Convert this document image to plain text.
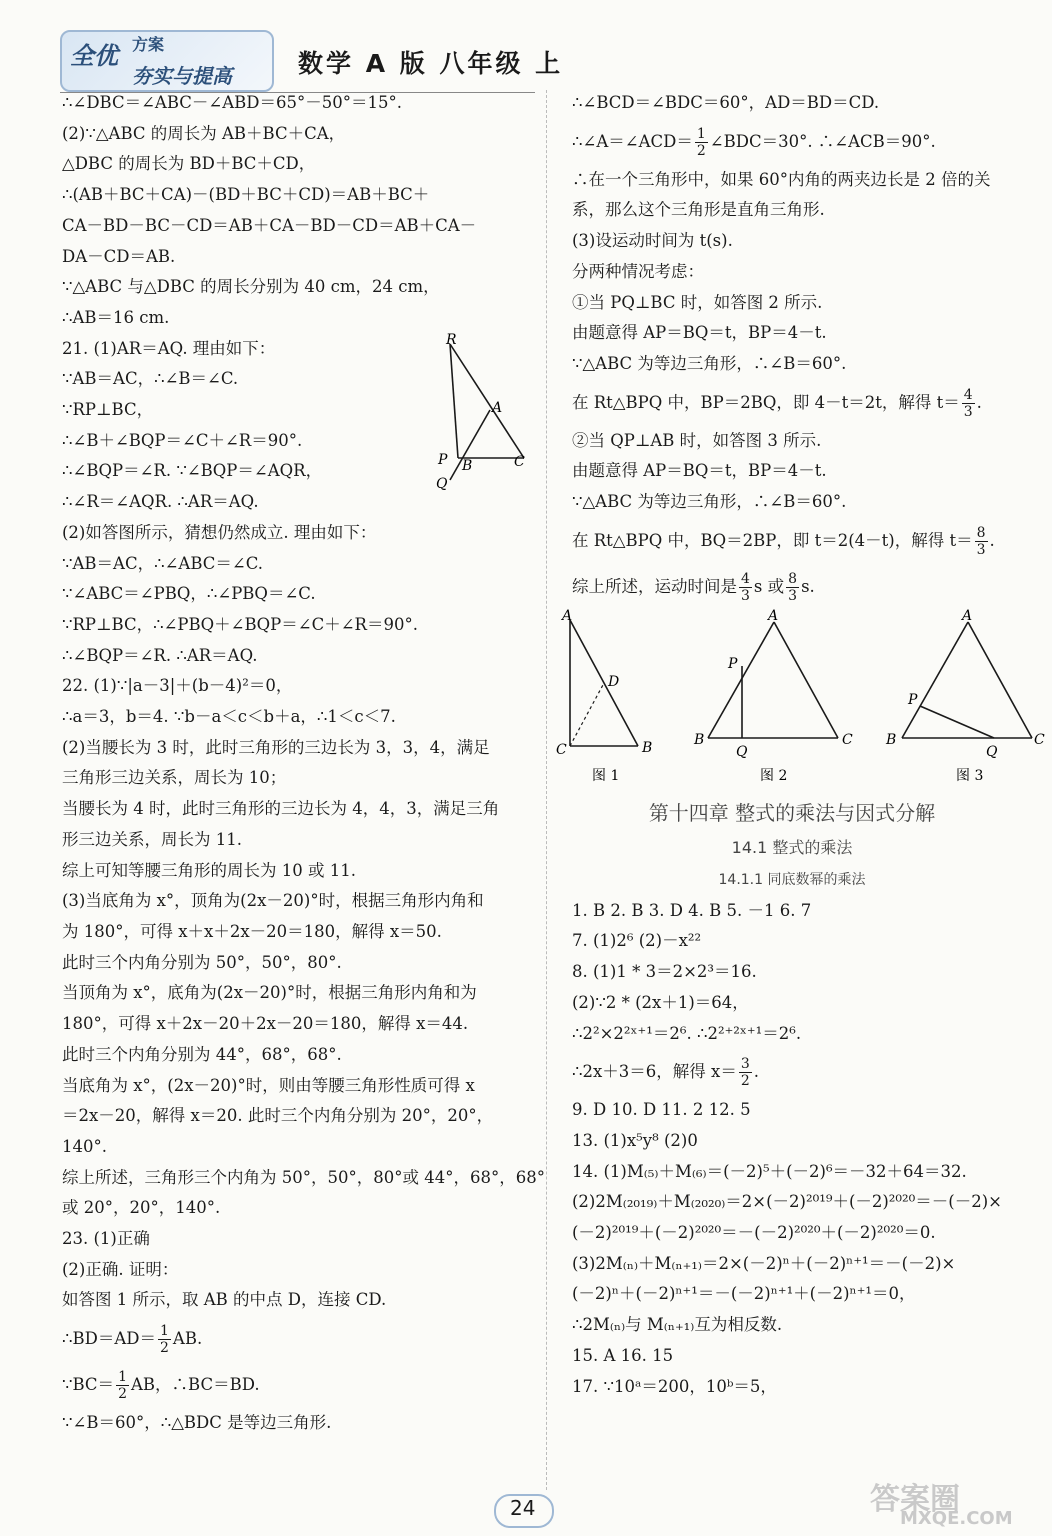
全优 方案
夯实与提高	数学 A 版 八年级 上

∴∠DBC＝∠ABC－∠ABD＝65°－50°＝15°.

(2)∵△ABC 的周长为 AB＋BC＋CA，

△DBC 的周长为 BD＋BC＋CD，

∴(AB＋BC＋CA)－(BD＋BC＋CD)＝AB＋BC＋

CA－BD－BC－CD＝AB＋CA－BD－CD＝AB＋CA－

DA－CD＝AB.

∵△ABC 与△DBC 的周长分别为 40 cm，24 cm，

∴AB＝16 cm.

21. (1)AR＝AQ. 理由如下：

∵AB＝AC，∴∠B＝∠C.

∵RP⊥BC，

∴∠B＋∠BQP＝∠C＋∠R＝90°.

∴∠BQP＝∠R. ∵∠BQP＝∠AQR，

∴∠R＝∠AQR. ∴AR＝AQ.

(2)如答图所示，猜想仍然成立. 理由如下：

∵AB＝AC，∴∠ABC＝∠C.

∵∠ABC＝∠PBQ，∴∠PBQ＝∠C.

∵RP⊥BC，∴∠PBQ＋∠BQP＝∠C＋∠R＝90°.

∴∠BQP＝∠R. ∴AR＝AQ.

22. (1)∵|a－3|＋(b－4)²＝0，

∴a＝3，b＝4. ∵b－a＜c＜b＋a，∴1＜c＜7.

(2)当腰长为 3 时，此时三角形的三边长为 3，3，4，满足

三角形三边关系，周长为 10；

当腰长为 4 时，此时三角形的三边长为 4，4，3，满足三角

形三边关系，周长为 11.

综上可知等腰三角形的周长为 10 或 11.

(3)当底角为 x°，顶角为(2x－20)°时，根据三角形内角和

为 180°，可得 x＋x＋2x－20＝180，解得 x＝50.

此时三个内角分别为 50°，50°，80°.

当顶角为 x°，底角为(2x－20)°时，根据三角形内角和为

180°，可得 x＋2x－20＋2x－20＝180，解得 x＝44.

此时三个内角分别为 44°，68°，68°.

当底角为 x°，(2x－20)°时，则由等腰三角形性质可得 x

＝2x－20，解得 x＝20. 此时三个内角分别为 20°，20°，

140°.

综上所述，三角形三个内角为 50°，50°，80°或 44°，68°，68°

或 20°，20°，140°.

23. (1)正确

(2)正确. 证明：

如答图 1 所示，取 AB 的中点 D，连接 CD.

∴BD＝AD＝ $\frac{1}{2}$ AB.

∵BC＝ $\frac{1}{2}$ AB，∴BC＝BD.

∵∠B＝60°，∴△BDC 是等边三角形.

R
A
P B	C
Q

∴∠BCD＝∠BDC＝60°，AD＝BD＝CD.

∴∠A＝∠ACD＝ $\frac{1}{2}$ ∠BDC＝30°. ∴∠ACB＝90°.

∴在一个三角形中，如果 60°内角的两夹边长是 2 倍的关

系，那么这个三角形是直角三角形.

(3)设运动时间为 t(s).

分两种情况考虑：

①当 PQ⊥BC 时，如答图 2 所示.

由题意得 AP＝BQ＝t，BP＝4－t.

∵△ABC 为等边三角形，∴∠B＝60°.

在 Rt△BPQ 中，BP＝2BQ，即 4－t＝2t，解得 $t= \frac{4}{3}$ .

②当 QP⊥AB 时，如答图 3 所示.

由题意得 AP＝BQ＝t，BP＝4－t.

∵△ABC 为等边三角形，∴∠B＝60°.

在 Rt△BPQ 中，BQ＝2BP，即 t＝2(4－t)，解得 $t= \frac{8}{3}$ .

综上所述，运动时间是 $\frac{4}{3}$ s 或 $\frac{8}{3} s$.

A
D
C	B
图 1
A
P
B
Q
C
图 2
A
P
B
Q
C
图 3
第十四章 整式的乘法与因式分解
14.1 整式的乘法
14.1.1 同底数幂的乘法

1. B 2. B 3. D 4. B 5. －1 6. 7

7. (1)2⁶ (2)－x²²

8. (1)1 * 3＝2×2³＝16.

(2)∵2 * (2x＋1)＝64，

∴2²×2²ˣ⁺¹＝2⁶. ∴2²⁺²ˣ⁺¹＝2⁶.

∴2x＋3＝6，解得 $x= \frac{3}{2}$ .

9. D 10. D 11. 2 12. 5

13. (1)x⁵y⁸ (2)0

14. (1)M₍₅₎＋M₍₆₎＝(－2)⁵＋(－2)⁶＝－32＋64＝32.

(2)2M₍₂₀₁₉₎＋M₍₂₀₂₀₎＝2×(－2)²⁰¹⁹＋(－2)²⁰²⁰＝－(－2)×

(－2)²⁰¹⁹＋(－2)²⁰²⁰＝－(－2)²⁰²⁰＋(－2)²⁰²⁰＝0.

(3)2M₍ₙ₎＋M₍ₙ₊₁₎＝2×(－2)ⁿ＋(－2)ⁿ⁺¹＝－(－2)×

(－2)ⁿ＋(－2)ⁿ⁺¹＝－(－2)ⁿ⁺¹＋(－2)ⁿ⁺¹＝0，

∴2M₍ₙ₎与 M₍ₙ₊₁₎互为相反数.

15. A 16. 15

17. ∵10ᵃ＝200，10ᵇ＝5，

24	答案圈
MXQE.COM
